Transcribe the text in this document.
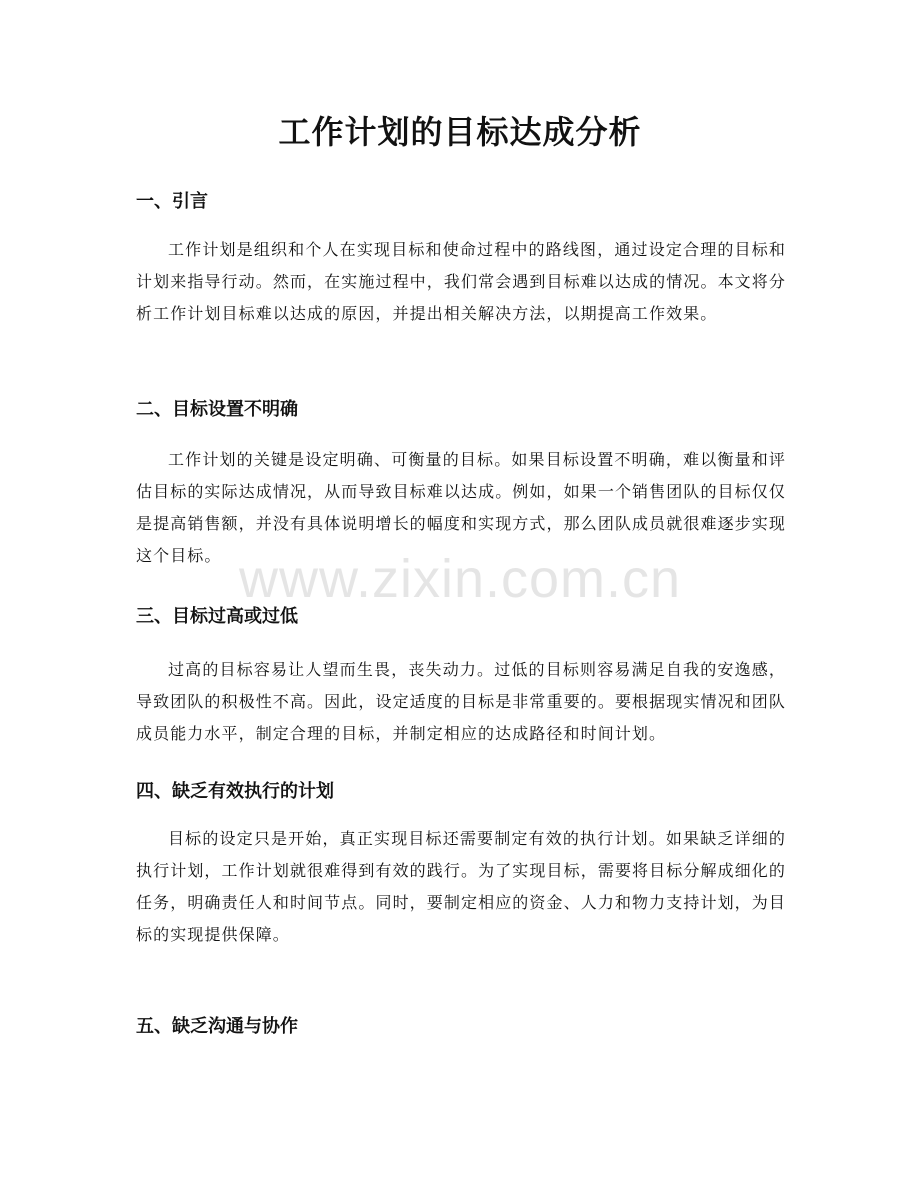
工作计划的目标达成分析
一、引言

工作计划是组织和个人在实现目标和使命过程中的路线图，通过设定合理的目标和计划来指导行动。然而，在实施过程中，我们常会遇到目标难以达成的情况。本文将分析工作计划目标难以达成的原因，并提出相关解决方法，以期提高工作效果。

二、目标设置不明确

工作计划的关键是设定明确、可衡量的目标。如果目标设置不明确，难以衡量和评估目标的实际达成情况，从而导致目标难以达成。例如，如果一个销售团队的目标仅仅是提高销售额，并没有具体说明增长的幅度和实现方式，那么团队成员就很难逐步实现这个目标。

三、目标过高或过低

过高的目标容易让人望而生畏，丧失动力。过低的目标则容易满足自我的安逸感，导致团队的积极性不高。因此，设定适度的目标是非常重要的。要根据现实情况和团队成员能力水平，制定合理的目标，并制定相应的达成路径和时间计划。

四、缺乏有效执行的计划

目标的设定只是开始，真正实现目标还需要制定有效的执行计划。如果缺乏详细的执行计划，工作计划就很难得到有效的践行。为了实现目标，需要将目标分解成细化的任务，明确责任人和时间节点。同时，要制定相应的资金、人力和物力支持计划，为目标的实现提供保障。

五、缺乏沟通与协作
www.zixin.com.cn
